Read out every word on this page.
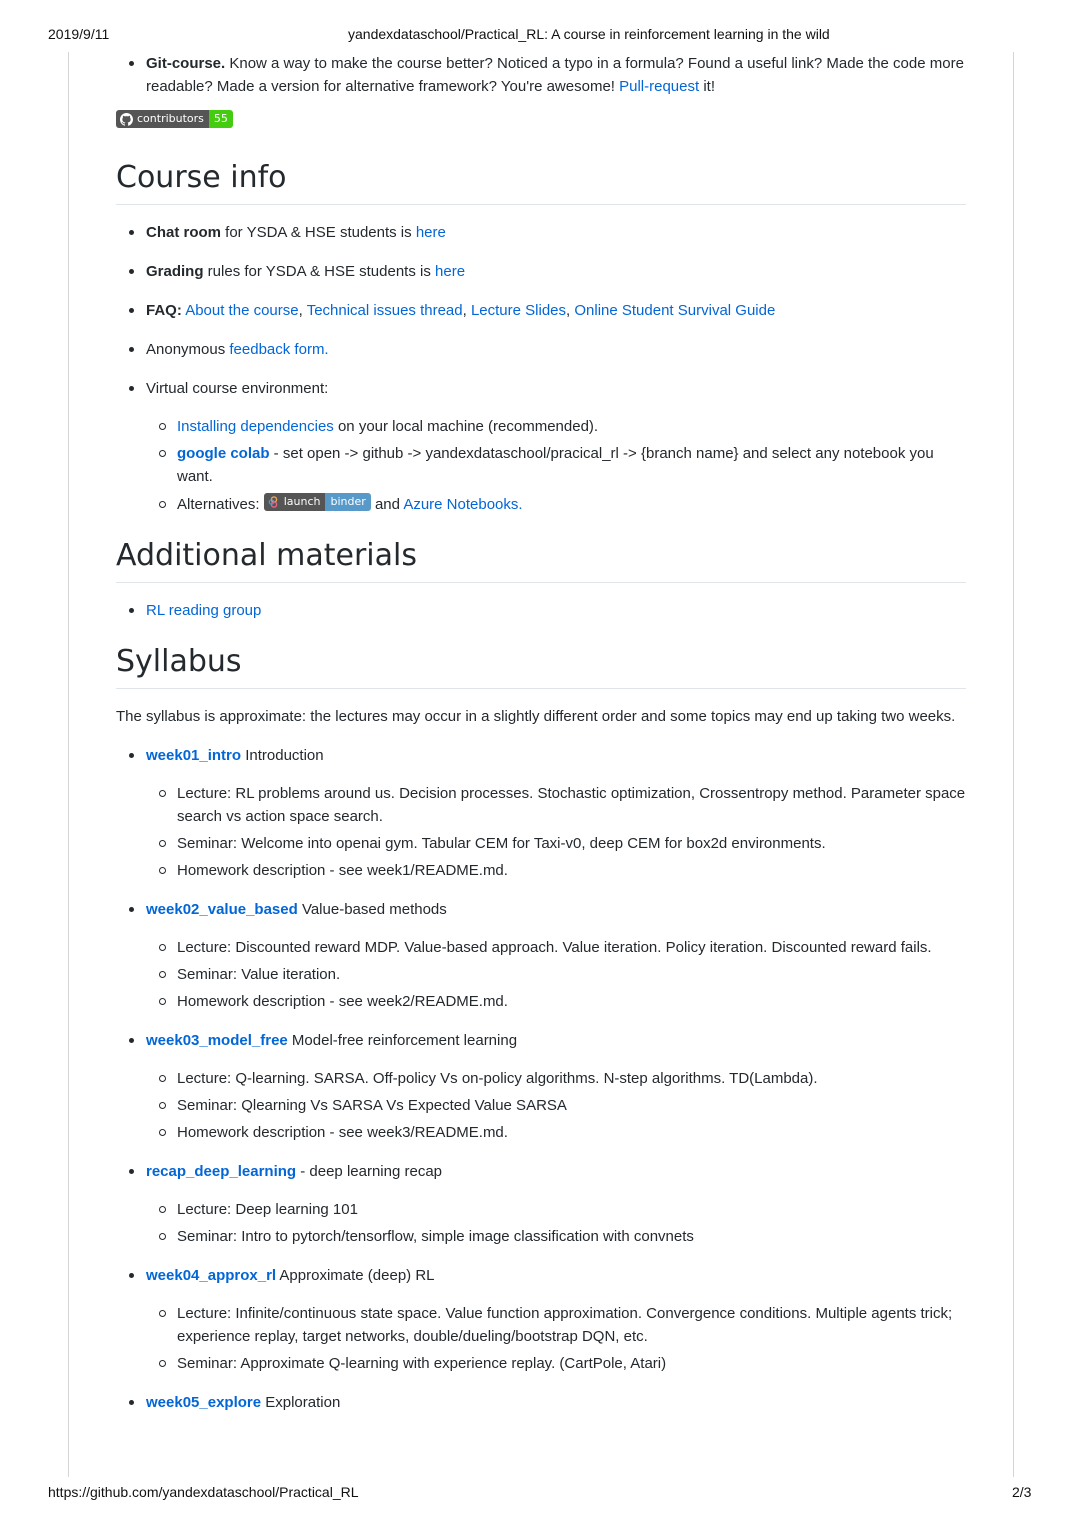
2019/9/11	yandexdataschool/Practical_RL: A course in reinforcement learning in the wild
https://github.com/yandexdataschool/Practical_RL	2/3
Git-course. Know a way to make the course better? Noticed a typo in a formula? Found a useful link? Made the code more readable? Made a version for alternative framework? You're awesome! Pull-request it!
contributors 55
Course info
Chat room for YSDA & HSE students is here
Grading rules for YSDA & HSE students is here
FAQ: About the course, Technical issues thread, Lecture Slides, Online Student Survival Guide
Anonymous feedback form.
Virtual course environment:
Installing dependencies on your local machine (recommended).
google colab - set open -> github -> yandexdataschool/pracical_rl -> {branch name} and select any notebook you want.
Alternatives: launch binder and Azure Notebooks.
Additional materials
RL reading group
Syllabus

The syllabus is approximate: the lectures may occur in a slightly different order and some topics may end up taking two weeks.

week01_intro Introduction
Lecture: RL problems around us. Decision processes. Stochastic optimization, Crossentropy method. Parameter space search vs action space search.
Seminar: Welcome into openai gym. Tabular CEM for Taxi-v0, deep CEM for box2d environments.
Homework description - see week1/README.md.
week02_value_based Value-based methods
Lecture: Discounted reward MDP. Value-based approach. Value iteration. Policy iteration. Discounted reward fails.
Seminar: Value iteration.
Homework description - see week2/README.md.
week03_model_free Model-free reinforcement learning
Lecture: Q-learning. SARSA. Off-policy Vs on-policy algorithms. N-step algorithms. TD(Lambda).
Seminar: Qlearning Vs SARSA Vs Expected Value SARSA
Homework description - see week3/README.md.
recap_deep_learning - deep learning recap
Lecture: Deep learning 101
Seminar: Intro to pytorch/tensorflow, simple image classification with convnets
week04_approx_rl Approximate (deep) RL
Lecture: Infinite/continuous state space. Value function approximation. Convergence conditions. Multiple agents trick; experience replay, target networks, double/dueling/bootstrap DQN, etc.
Seminar: Approximate Q-learning with experience replay. (CartPole, Atari)
week05_explore Exploration
